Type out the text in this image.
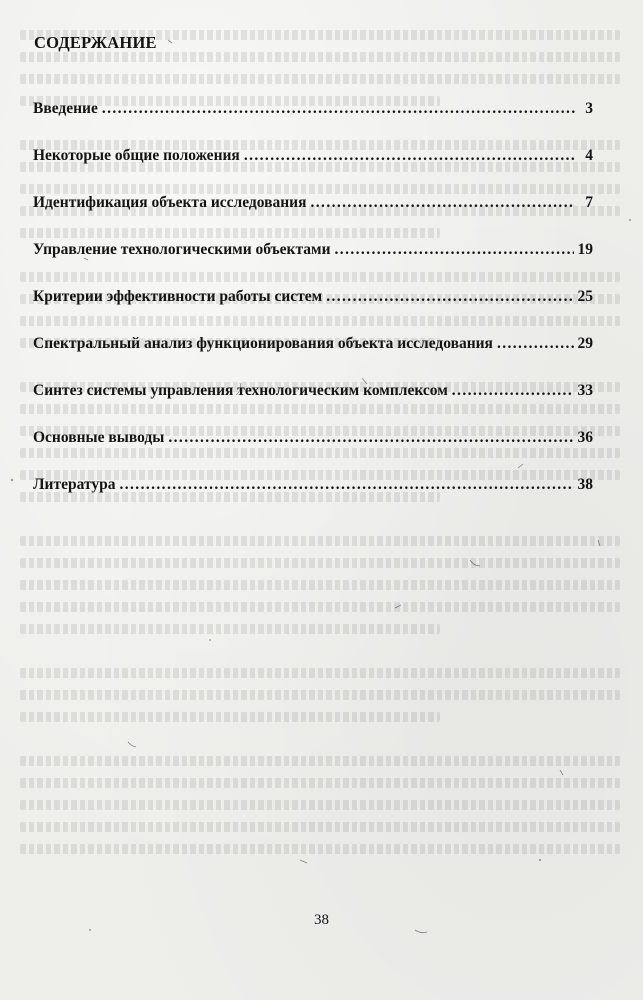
СОДЕРЖАНИЕ
Введение .....	3
Некоторые общие положения .....	4
Идентификация объекта исследования .....	7
Управление технологическими объектами .....	19
Критерии эффективности работы систем .....	25
Спектральный анализ функционирования объекта исследования .....	29
Синтез системы управления технологическим комплексом .....	33
Основные выводы .....	36
Литература .....	38

38
